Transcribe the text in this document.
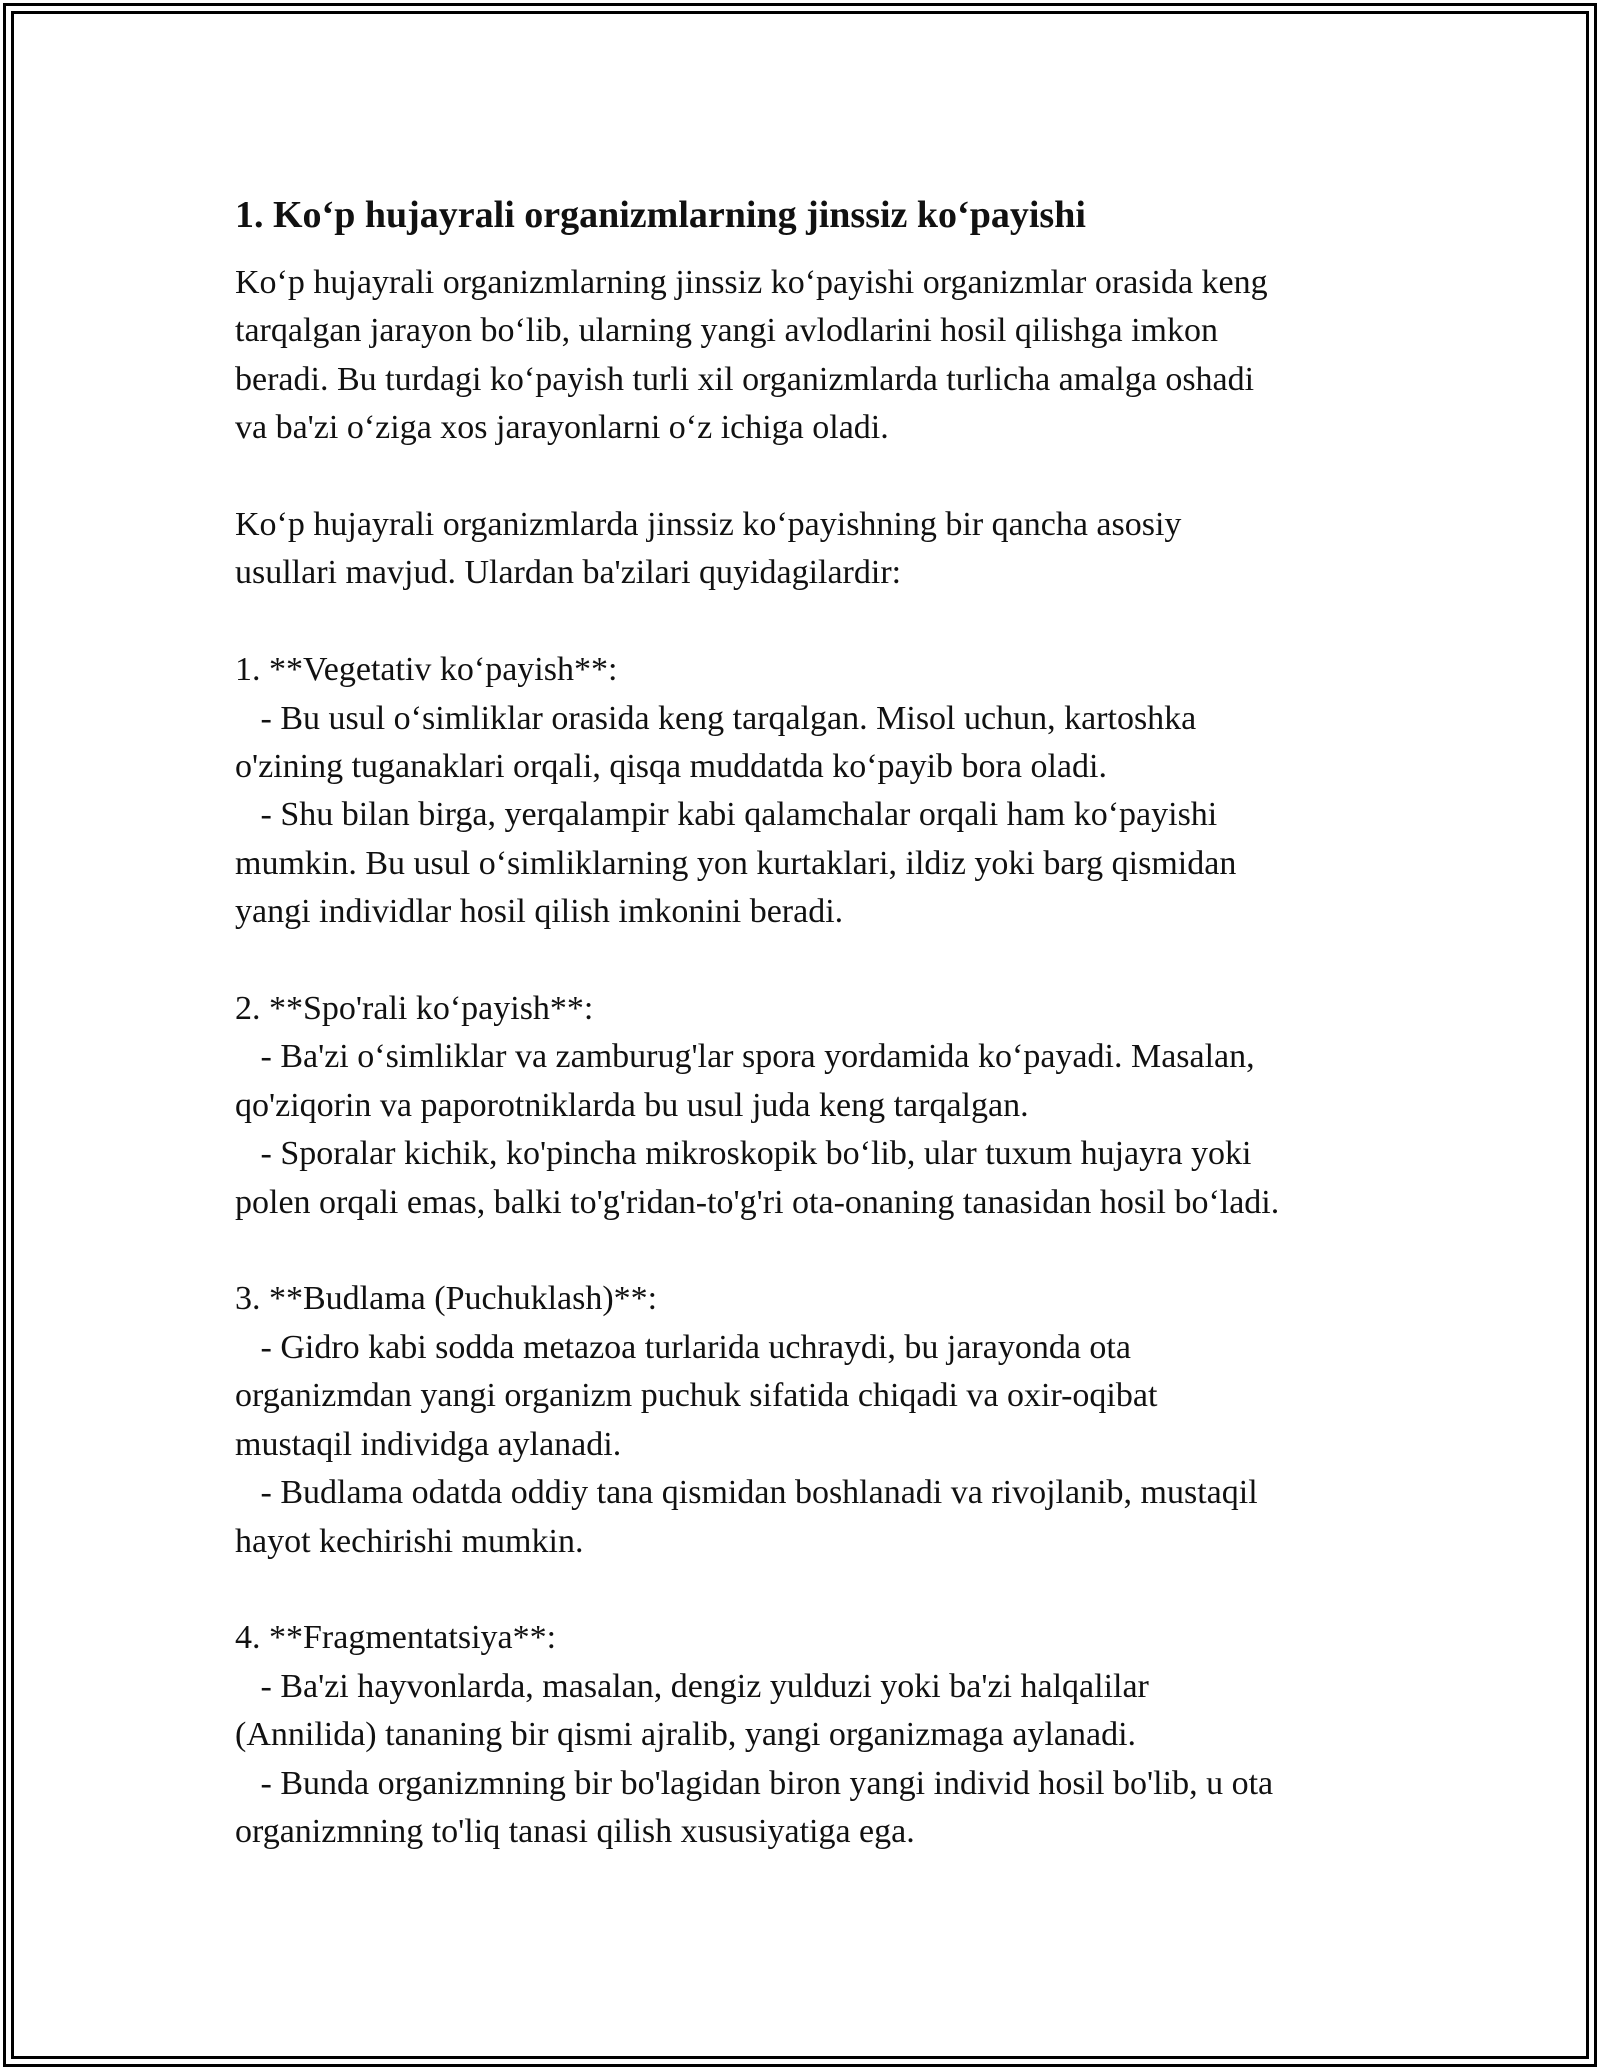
1. Ko‘p hujayrali organizmlarning jinssiz ko‘payishi
Ko‘p hujayrali organizmlarning jinssiz ko‘payishi organizmlar orasida keng
tarqalgan jarayon bo‘lib, ularning yangi avlodlarini hosil qilishga imkon
beradi. Bu turdagi ko‘payish turli xil organizmlarda turlicha amalga oshadi
va ba'zi o‘ziga xos jarayonlarni o‘z ichiga oladi.
Ko‘p hujayrali organizmlarda jinssiz ko‘payishning bir qancha asosiy
usullari mavjud. Ulardan ba'zilari quyidagilardir:
1. **Vegetativ ko‘payish**:
- Bu usul o‘simliklar orasida keng tarqalgan. Misol uchun, kartoshka
o'zining tuganaklari orqali, qisqa muddatda ko‘payib bora oladi.
- Shu bilan birga, yerqalampir kabi qalamchalar orqali ham ko‘payishi
mumkin. Bu usul o‘simliklarning yon kurtaklari, ildiz yoki barg qismidan
yangi individlar hosil qilish imkonini beradi.
2. **Spo'rali ko‘payish**:
- Ba'zi o‘simliklar va zamburug'lar spora yordamida ko‘payadi. Masalan,
qo'ziqorin va paporotniklarda bu usul juda keng tarqalgan.
- Sporalar kichik, ko'pincha mikroskopik bo‘lib, ular tuxum hujayra yoki
polen orqali emas, balki to'g'ridan-to'g'ri ota-onaning tanasidan hosil bo‘ladi.
3. **Budlama (Puchuklash)**:
- Gidro kabi sodda metazoa turlarida uchraydi, bu jarayonda ota
organizmdan yangi organizm puchuk sifatida chiqadi va oxir-oqibat
mustaqil individga aylanadi.
- Budlama odatda oddiy tana qismidan boshlanadi va rivojlanib, mustaqil
hayot kechirishi mumkin.
4. **Fragmentatsiya**:
- Ba'zi hayvonlarda, masalan, dengiz yulduzi yoki ba'zi halqalilar
(Annilida) tananing bir qismi ajralib, yangi organizmaga aylanadi.
- Bunda organizmning bir bo'lagidan biron yangi individ hosil bo'lib, u ota
organizmning to'liq tanasi qilish xususiyatiga ega.
